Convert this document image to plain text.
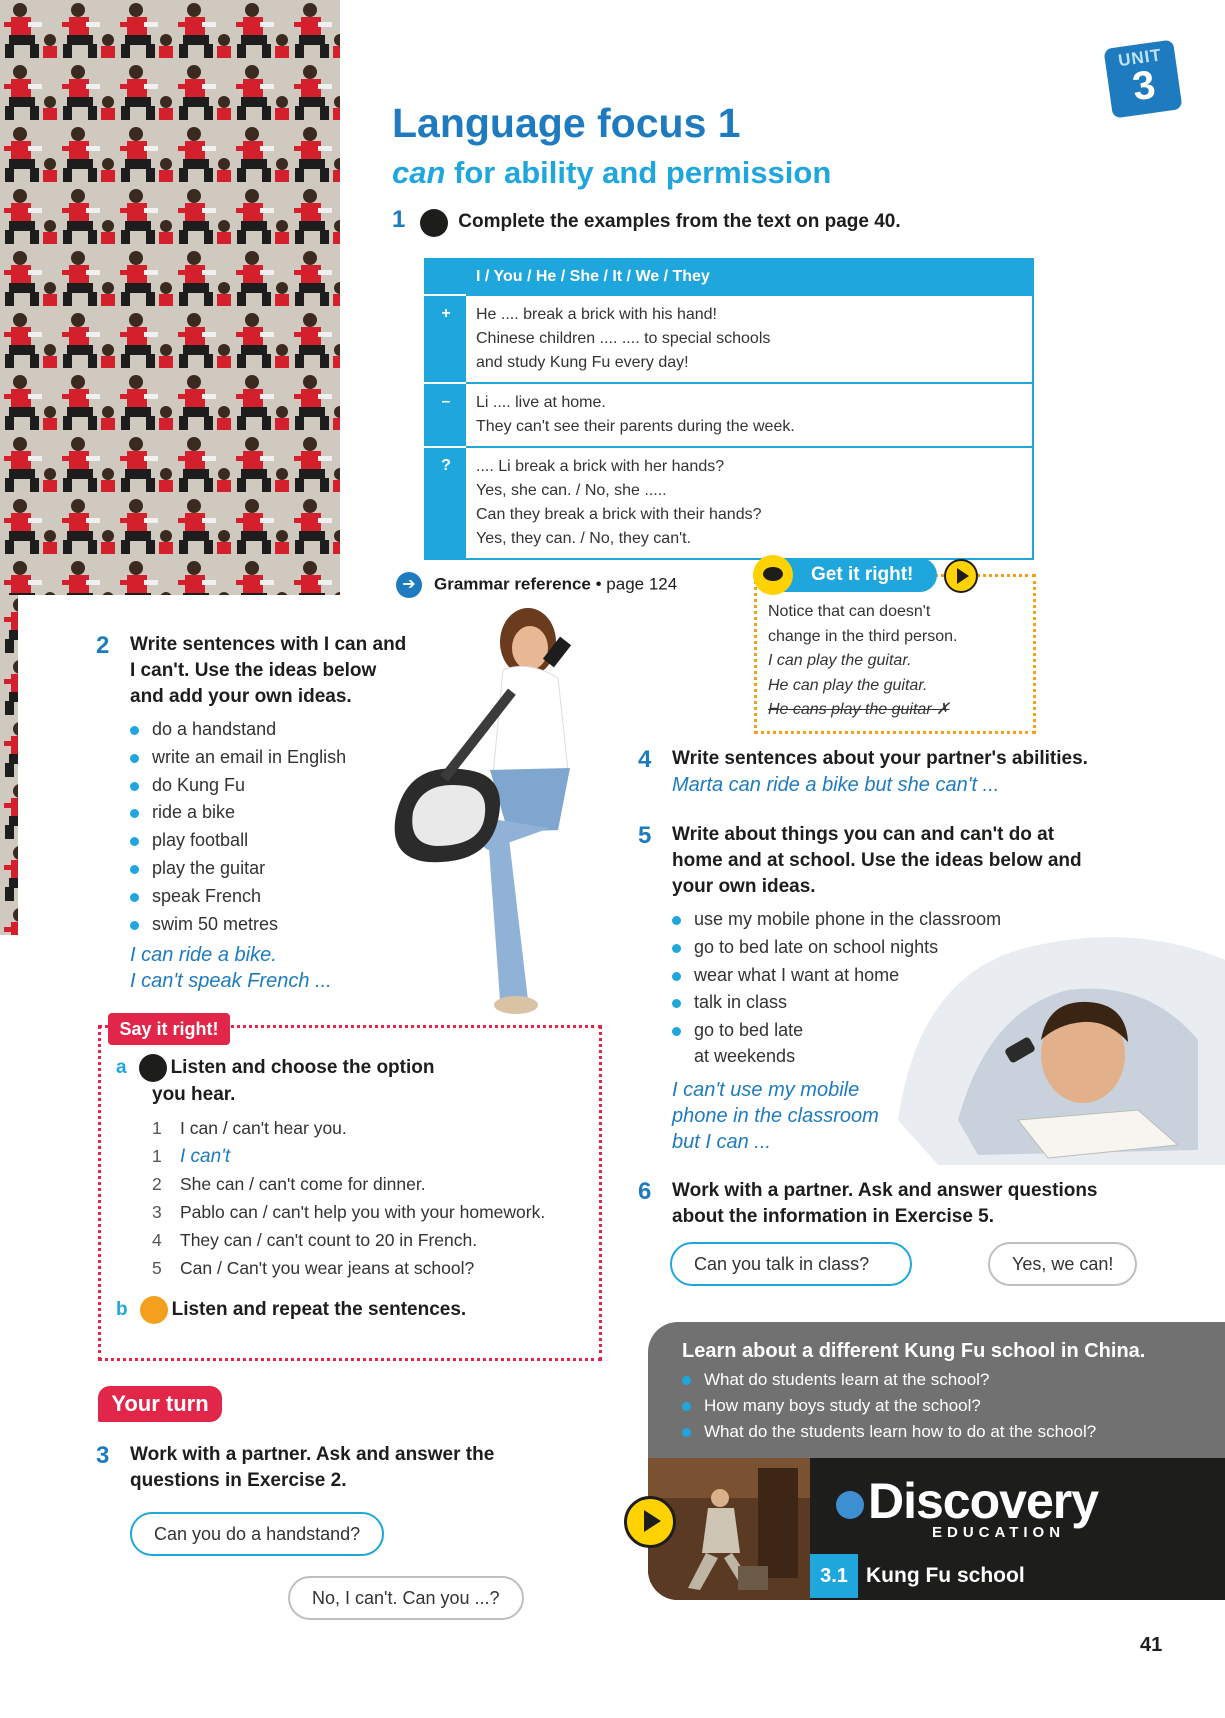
UNIT
3
Language focus 1
can for ability and permission
1	Complete the examples from the text on page 40.
	I / You / He / She / It / We / They
+	He .... break a brick with his hand!
Chinese children .... .... to special schools
and study Kung Fu every day!

–	Li .... live at home.
They can't see their parents during the week.

?	.... Li break a brick with her hands?
Yes, she can. / No, she .....
Can they break a brick with their hands?
Yes, they can. / No, they can't.
➔ Grammar reference • page 124	Get it right!
Notice that can doesn't
change in the third person.
I can play the guitar.
He can play the guitar.
He cans play the guitar ✗
2 Write sentences with I can and
I can't. Use the ideas below
and add your own ideas.
do a handstand
write an email in English
do Kung Fu
ride a bike
play football
play the guitar
speak French
swim 50 metres
I can ride a bike.
I can't speak French ...
Say it right!
a Listen and choose the option
you hear.
1 I can / can't hear you.
1 I can't
2 She can / can't come for dinner.
3 Pablo can / can't help you with your homework.
4 They can / can't count to 20 in French.
5 Can / Can't you wear jeans at school?
b Listen and repeat the sentences.
Your turn
3 Work with a partner. Ask and answer the
questions in Exercise 2.
Can you do a handstand?
No, I can't. Can you ...?
4 Write sentences about your partner's abilities.
Marta can ride a bike but she can't ...
5 Write about things you can and can't do at
home and at school. Use the ideas below and
your own ideas.
use my mobile phone in the classroom
go to bed late on school nights
wear what I want at home
talk in class
go to bed late
at weekends
I can't use my mobile
phone in the classroom
but I can ...
6 Work with a partner. Ask and answer questions
about the information in Exercise 5.
Can you talk in class?	Yes, we can!
Learn about a different Kung Fu school in China.
What do students learn at the school?
How many boys study at the school?
What do the students learn how to do at the school?
Discovery
EDUCATION
3.1 Kung Fu school
41
